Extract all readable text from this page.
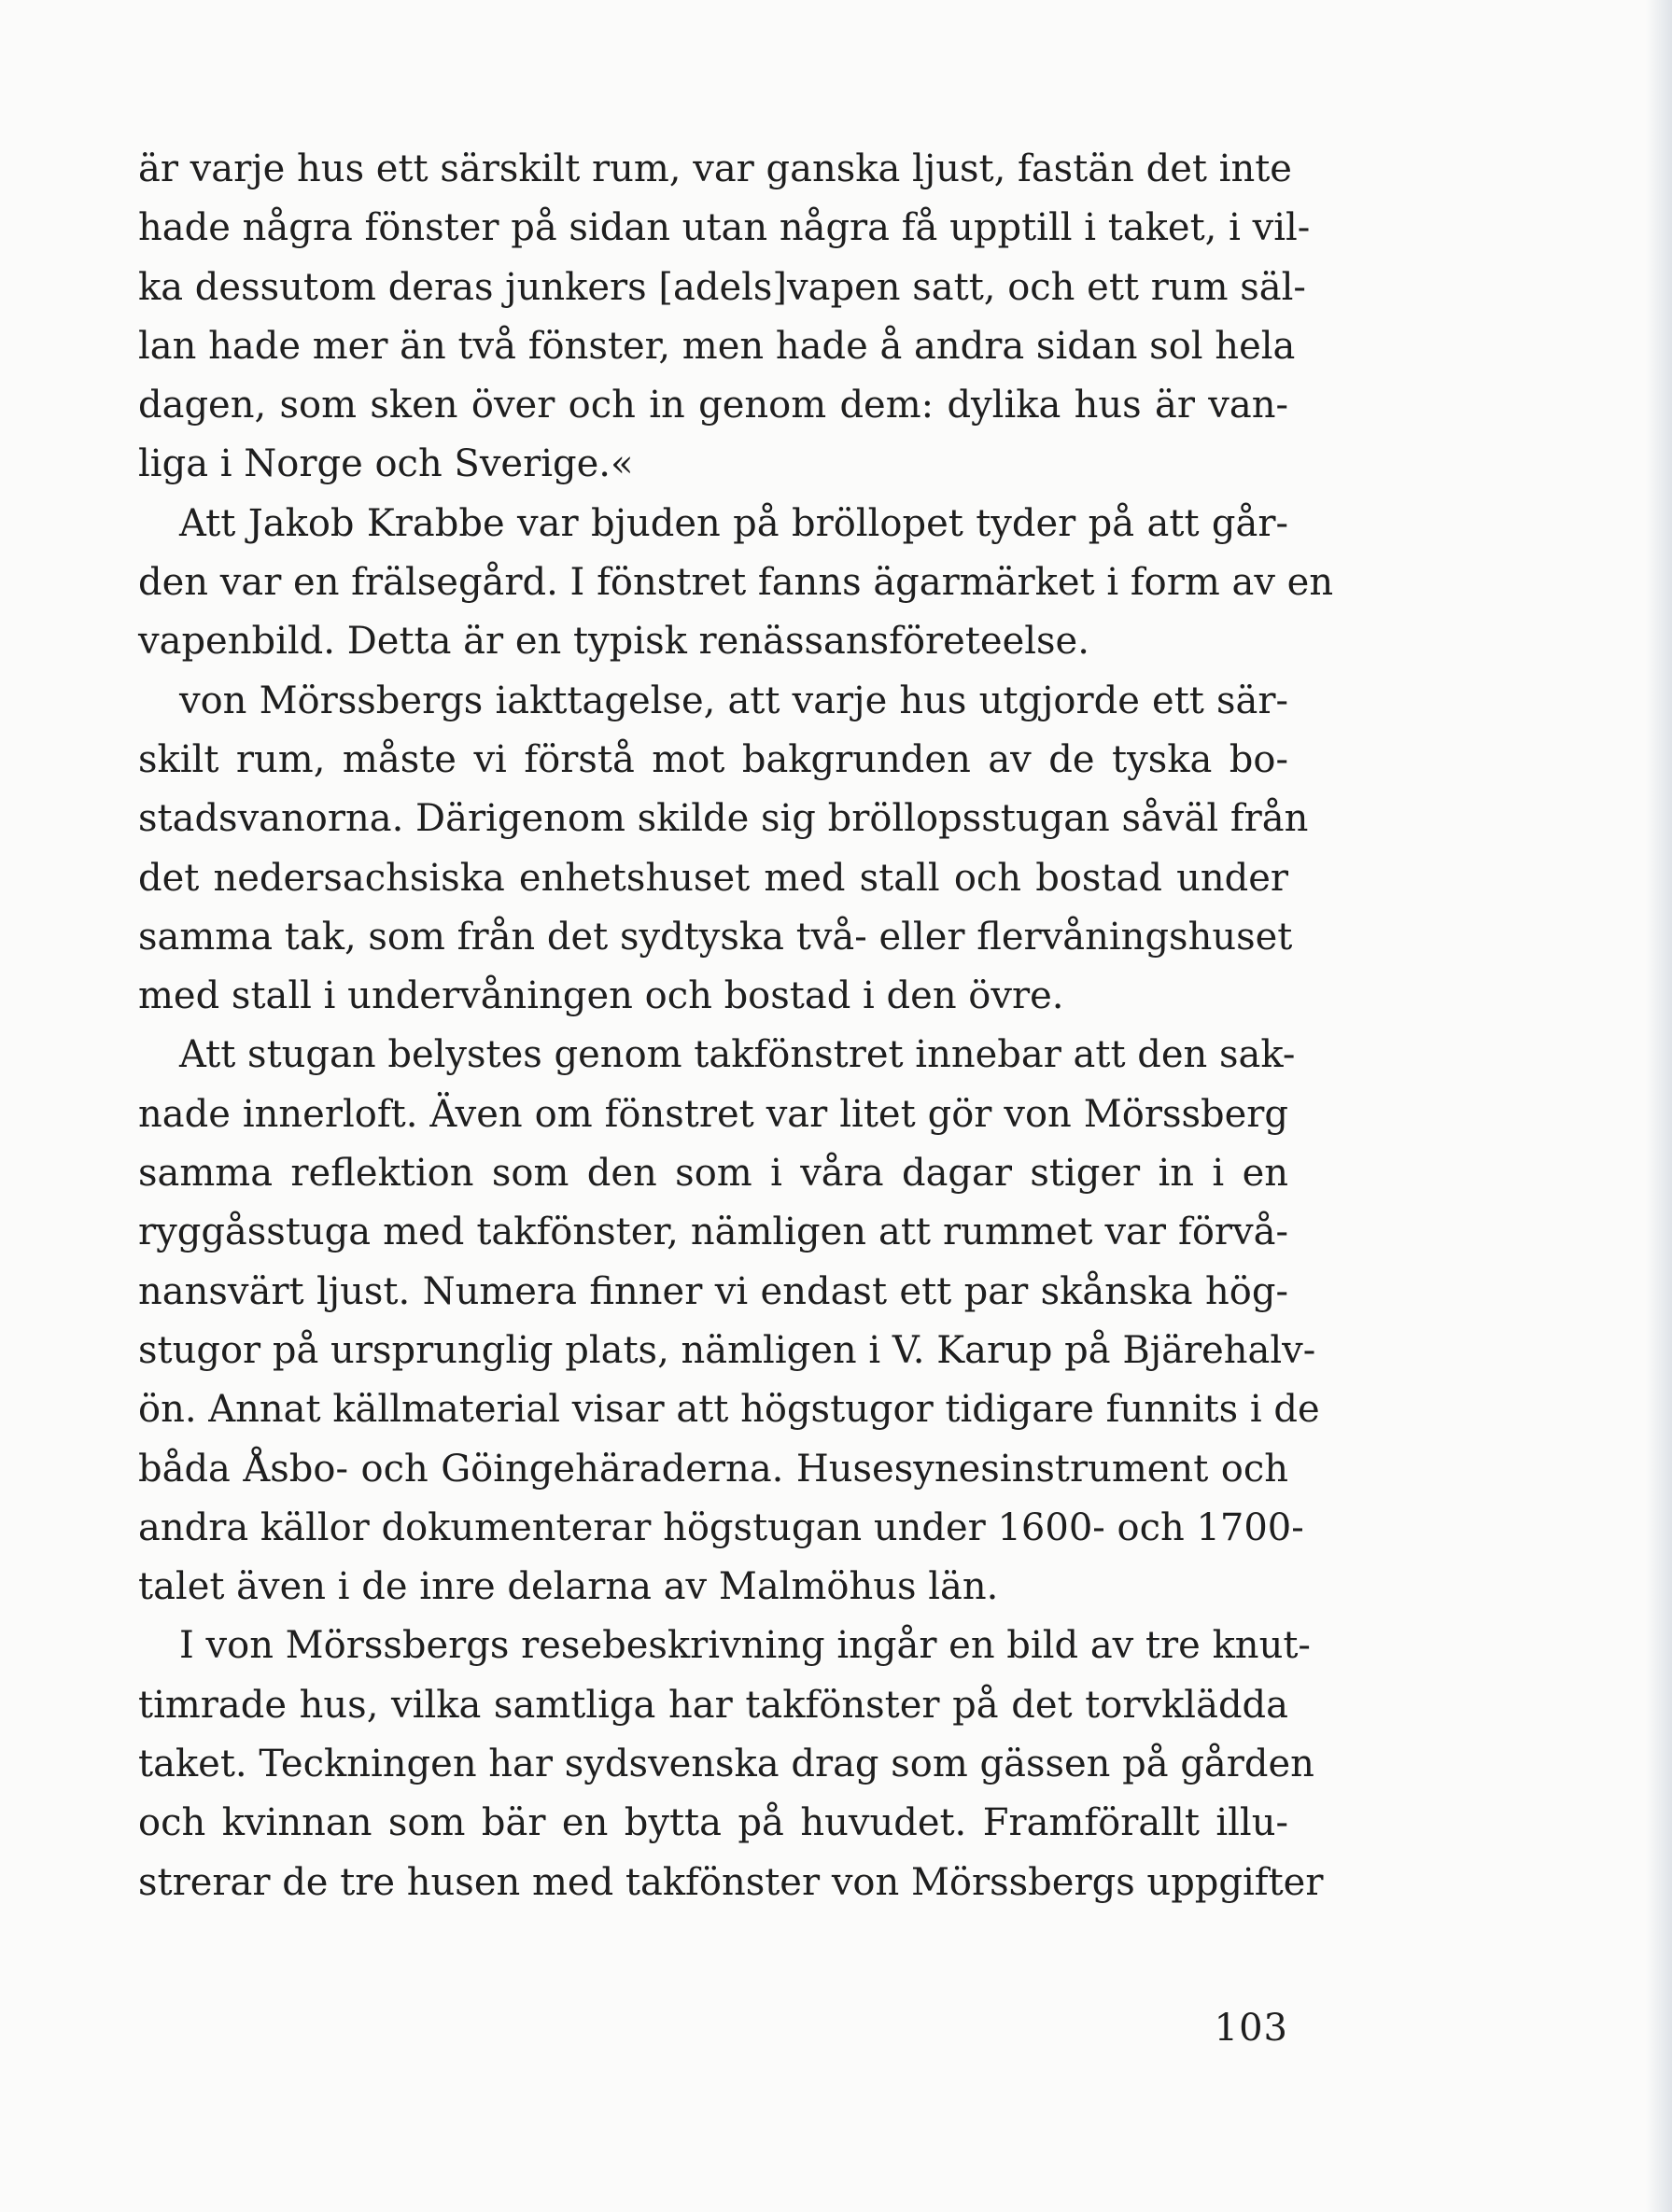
är varje hus ett särskilt rum, var ganska ljust, fastän det inte
hade några fönster på sidan utan några få upptill i taket, i vil-
ka dessutom deras junkers [adels]vapen satt, och ett rum säl-
lan hade mer än två fönster, men hade å andra sidan sol hela
dagen, som sken över och in genom dem: dylika hus är van-
liga i Norge och Sverige.«
Att Jakob Krabbe var bjuden på bröllopet tyder på att går-
den var en frälsegård. I fönstret fanns ägarmärket i form av en
vapenbild. Detta är en typisk renässansföreteelse.
von Mörssbergs iakttagelse, att varje hus utgjorde ett sär-
skilt rum, måste vi förstå mot bakgrunden av de tyska bo-
stadsvanorna. Därigenom skilde sig bröllopsstugan såväl från
det nedersachsiska enhetshuset med stall och bostad under
samma tak, som från det sydtyska två- eller flervåningshuset
med stall i undervåningen och bostad i den övre.
Att stugan belystes genom takfönstret innebar att den sak-
nade innerloft. Även om fönstret var litet gör von Mörssberg
samma reflektion som den som i våra dagar stiger in i en
ryggåsstuga med takfönster, nämligen att rummet var förvå-
nansvärt ljust. Numera finner vi endast ett par skånska hög-
stugor på ursprunglig plats, nämligen i V. Karup på Bjärehalv-
ön. Annat källmaterial visar att högstugor tidigare funnits i de
båda Åsbo- och Göingehäraderna. Husesynesinstrument och
andra källor dokumenterar högstugan under 1600- och 1700-
talet även i de inre delarna av Malmöhus län.
I von Mörssbergs resebeskrivning ingår en bild av tre knut-
timrade hus, vilka samtliga har takfönster på det torvklädda
taket. Teckningen har sydsvenska drag som gässen på gården
och kvinnan som bär en bytta på huvudet. Framförallt illu-
strerar de tre husen med takfönster von Mörssbergs uppgifter
103
